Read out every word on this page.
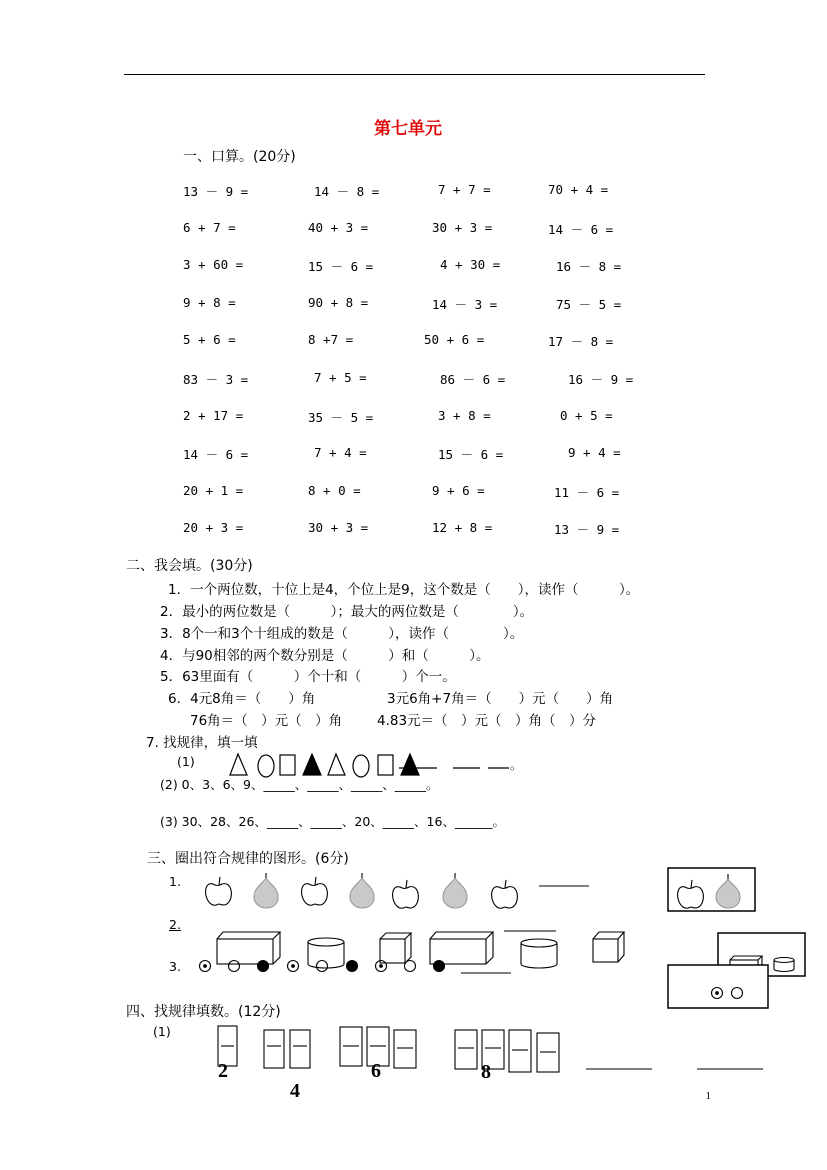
第七单元
一、口算。(20分)
13 － 9 =	14 － 8 =	7 + 7 =	70 + 4 =
6 + 7 =	40 + 3 =	30 + 3 =	14 － 6 =
3 + 60 =	15 － 6 =	4 + 30 =	16 － 8 =
9 + 8 =	90 + 8 =	14 － 3 =	75 － 5 =
5 + 6 =	8 +7 =	50 + 6 =	17 － 8 =
83 － 3 =	7 + 5 =	86 － 6 =	16 － 9 =
2 + 17 =	35 － 5 =	3 + 8 =	0 + 5 =
14 － 6 =	7 + 4 =	15 － 6 =	9 + 4 =
20 + 1 =	8 + 0 =	9 + 6 =	11 － 6 =
20 + 3 =	30 + 3 =	12 + 8 =	13 － 9 =
二、我会填。(30分)
1．一个两位数，十位上是4，个位上是9，这个数是（　　），读作（　　　）。
2．最小的两位数是（　　　）；最大的两位数是（　　　　）。
3．8个一和3个十组成的数是（　　　），读作（　　　　）。
4．与90相邻的两个数分别是（　　　）和（　　　）。
5．63里面有（　　　）个十和（　　　）个一。
6．4元8角＝（　　）角	3元6角+7角＝（　　）元（　　）角
76角＝（　）元（　）角	4.83元＝（　）元（　）角（　）分
7. 找规律，填一填
(1)
(2) 0、3、6、9、_____、_____、_____、_____。
(3) 30、28、26、_____、_____、20、_____、16、______。
三、圈出符合规律的图形。(6分)
1.
2.
3.
四、找规律填数。(12分)
(1)
2
4
6	8
1
。
